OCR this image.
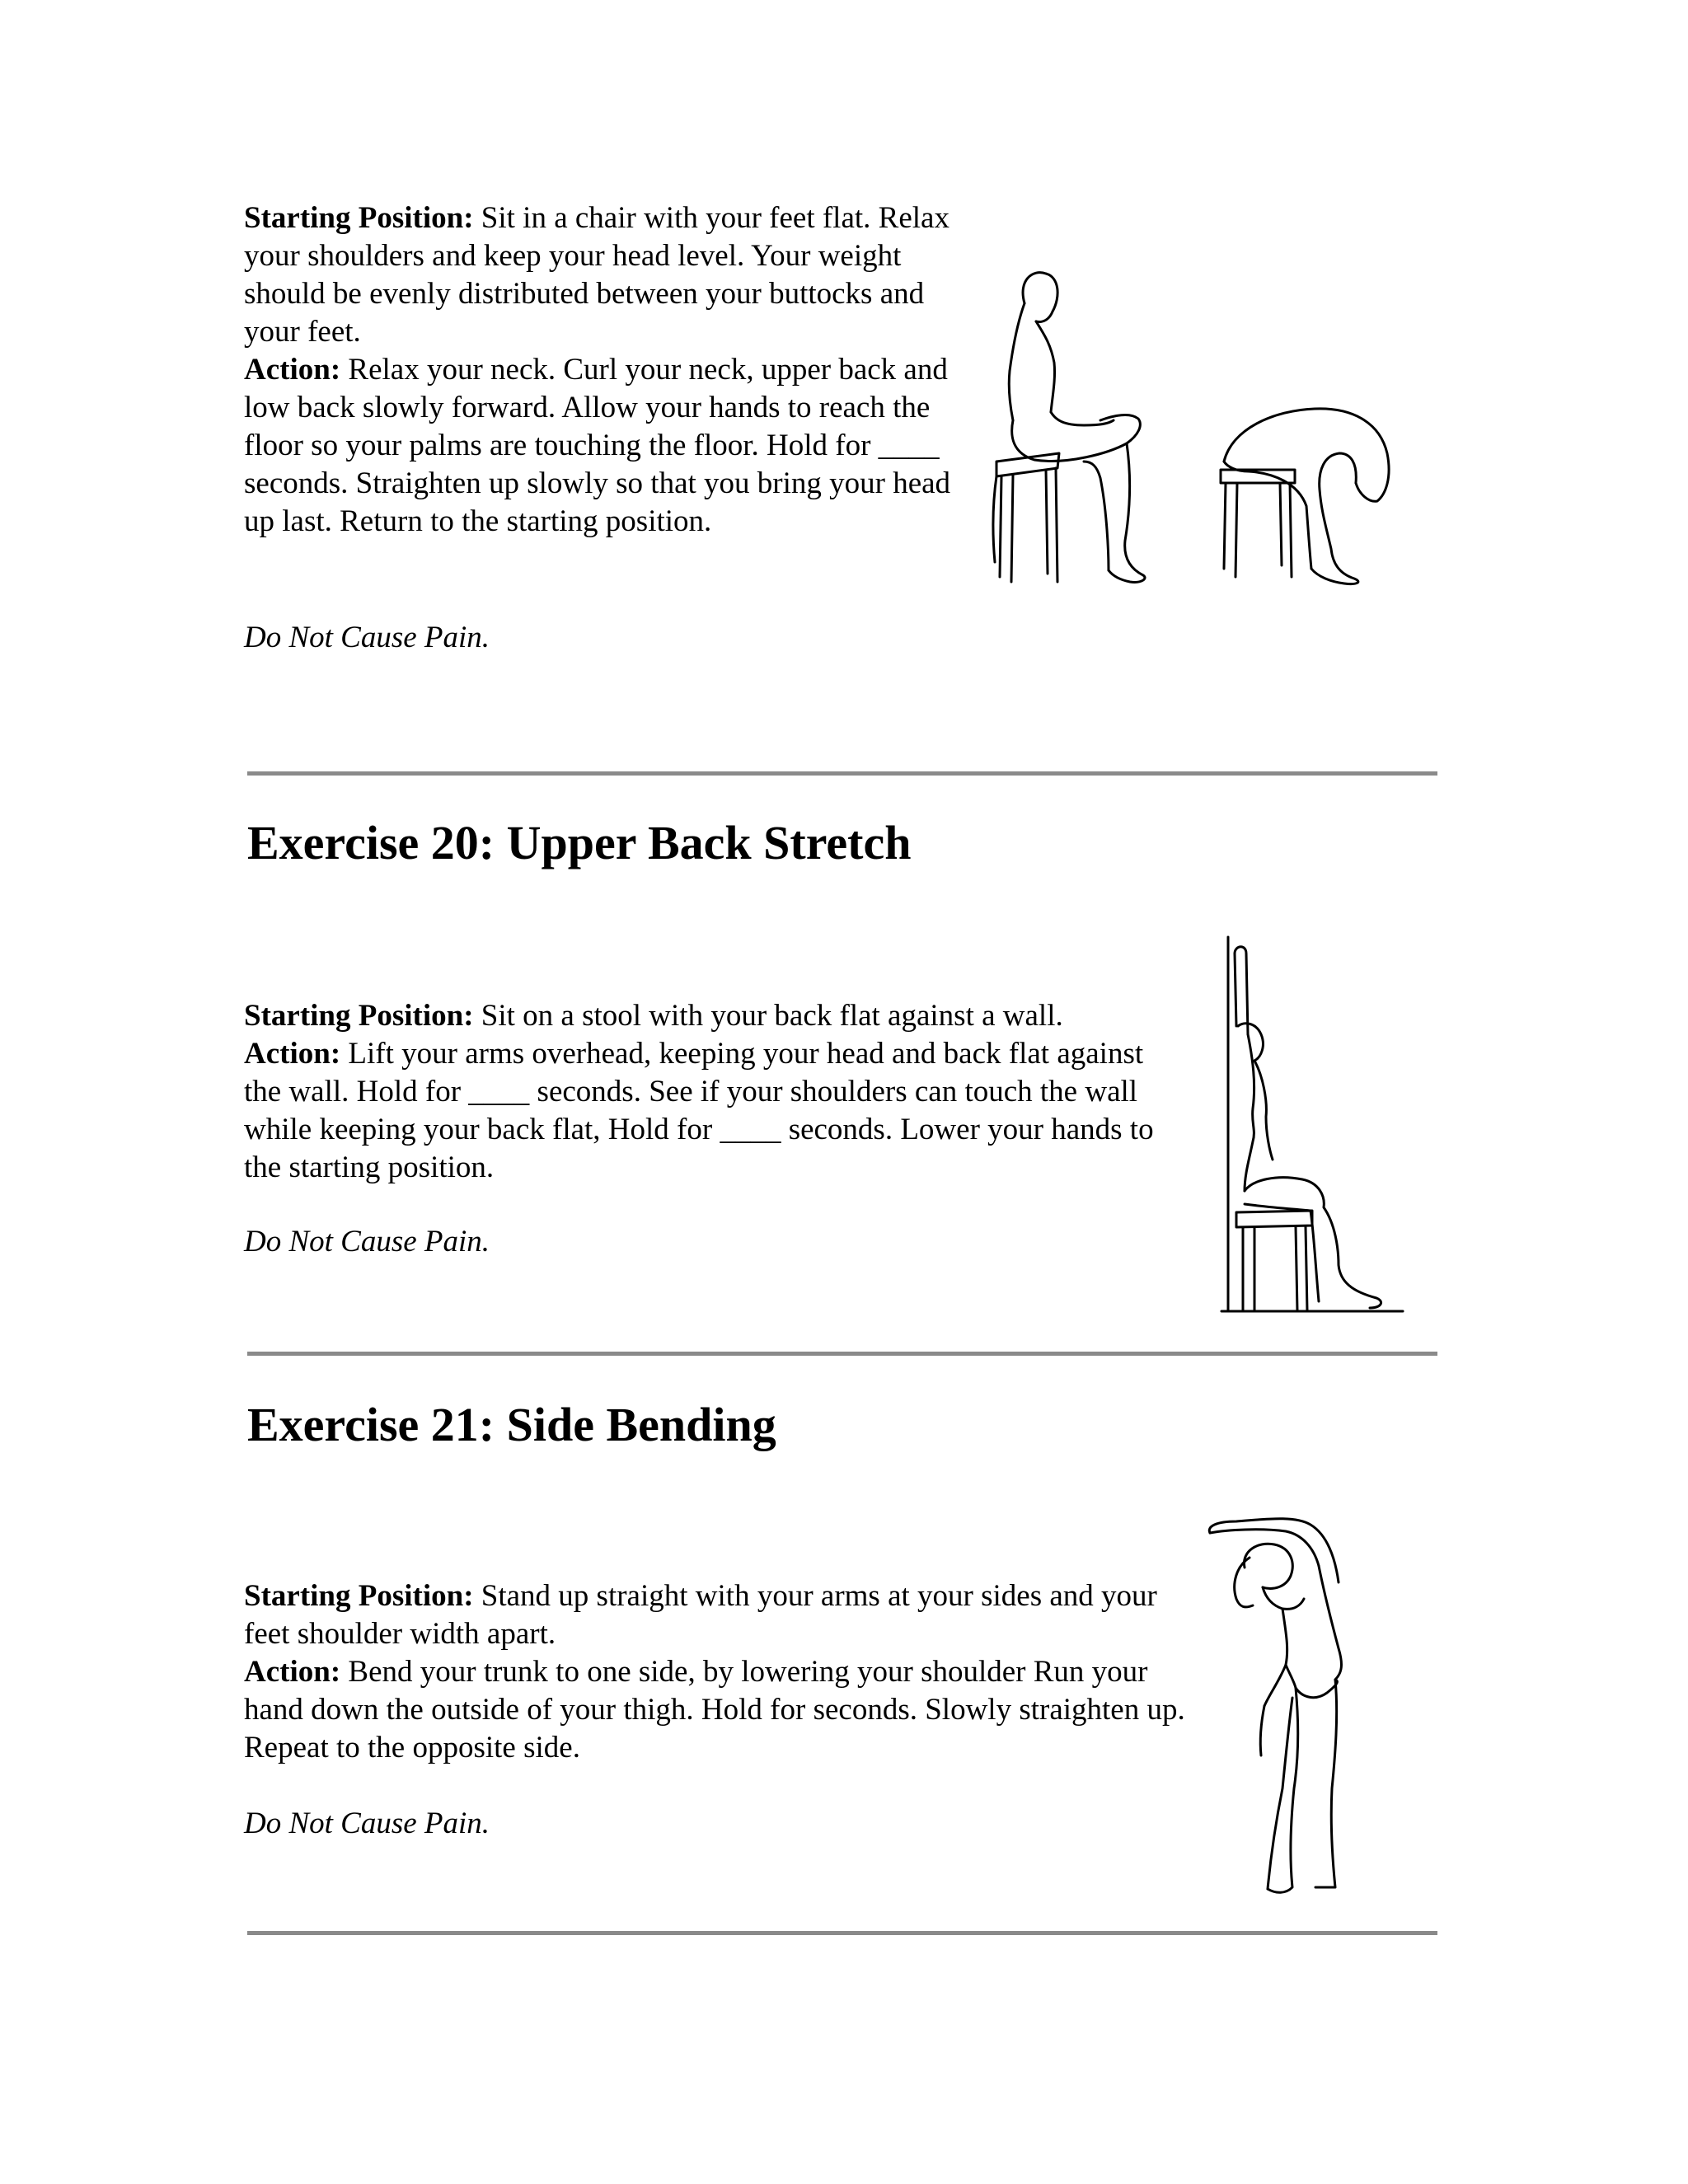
Starting Position: Sit in a chair with your feet flat. Relax your shoulders and keep your head level. Your weight should be evenly distributed between your buttocks and your feet.
Action: Relax your neck. Curl your neck, upper back and low back slowly forward. Allow your hands to reach the floor so your palms are touching the floor. Hold for ____ seconds. Straighten up slowly so that you bring your head up last. Return to the starting position.

Do Not Cause Pain.

Exercise 20: Upper Back Stretch

Starting Position: Sit on a stool with your back flat against a wall.
Action: Lift your arms overhead, keeping your head and back flat against the wall. Hold for ____ seconds. See if your shoulders can touch the wall while keeping your back flat, Hold for ____ seconds. Lower your hands to the starting position.

Do Not Cause Pain.

Exercise 21: Side Bending

Starting Position: Stand up straight with your arms at your sides and your feet shoulder width apart.
Action: Bend your trunk to one side, by lowering your shoulder Run your hand down the outside of your thigh. Hold for seconds. Slowly straighten up. Repeat to the opposite side.

Do Not Cause Pain.
